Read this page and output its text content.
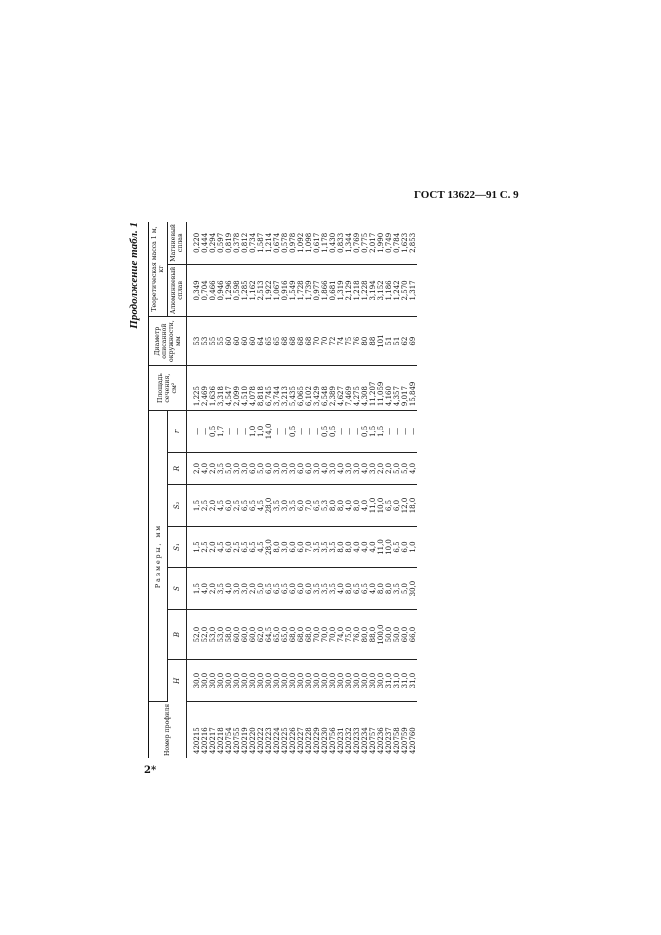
ГОСТ 13622—91 С. 9
2*
Продолжение табл. 1
Номер профиля	Размеры, мм							Площадь сечения, см²	Диаметр описанной окружности, мм	Теоретическая масса 1 м, кг	
	H	B	S	S₁	S₂	R	r			Алюминиевый сплав	Магниевый сплав
420215	30,0	52,0	1,5	1,5	1,5	2,0	—	1,225	53	0,349	0,220
420216	30,0	52,0	4,0	2,5	2,5	4,0	—	2,469	53	0,704	0,444
420217	30,0	53,0	2,0	2,0	2,0	2,0	0,5	1,636	55	0,466	0,294
420218	30,0	53,0	3,5	4,5	4,5	3,5	1,7	3,318	55	0,946	0,597
420754	30,0	58,0	4,0	6,0	6,0	5,0	—	4,547	60	1,296	0,819
420755	30,0	60,0	3,0	2,5	2,5	3,0	—	2,099	60	0,598	0,378
420219	30,0	60,0	3,0	6,5	6,5	3,0	—	4,510	60	1,285	0,812
420220	30,0	60,0	2,0	6,5	6,5	6,0	1,0	4,078	60	1,162	0,734
420222	30,0	62,0	5,0	4,5	4,5	5,0	1,0	8,818	64	2,513	1,587
420223	30,0	64,5	6,5	28,0	28,0	6,0	14,0	6,745	65	1,922	1,214
420224	30,0	65,0	6,5	8,0	3,5	3,0	—	3,744	65	1,067	0,674
420225	30,0	65,0	6,5	3,0	3,0	3,0	—	3,213	68	0,916	0,578
420226	30,0	68,0	6,0	6,0	3,5	3,0	0,5	5,435	68	1,549	0,978
420227	30,0	68,0	6,0	6,0	6,0	6,0	—	6,065	68	1,728	1,092
420228	30,0	68,0	6,0	7,0	7,0	6,0	—	6,102	68	1,739	1,098
420229	30,0	70,0	3,5	3,5	6,5	3,0	—	3,429	70	0,977	0,617
420230	30,0	70,0	3,5	3,5	5,3	4,0	0,5	6,548	70	1,866	1,178
420756	30,0	70,0	3,5	3,5	8,0	3,0	0,5	2,389	72	0,681	0,430
420231	30,0	74,0	4,0	8,0	8,0	4,0	—	4,627	74	1,319	0,833
420232	30,0	75,0	8,0	8,0	4,0	3,0	—	7,469	75	2,129	1,344
420233	30,0	76,0	6,5	4,0	8,0	3,0	—	4,275	76	1,218	0,769
420234	30,0	80,0	6,5	4,0	4,0	4,0	0,5	4,308	80	1,228	0,775
420757	30,0	88,0	4,0	4,0	11,0	3,0	1,5	11,207	88	3,194	2,017
420236	30,0	100,0	8,0	11,0	10,0	2,0	1,5	11,059	101	3,152	1,990
420237	31,0	50,0	8,0	10,0	6,5	2,0	—	4,160	51	1,186	0,749
420758	31,0	50,0	3,5	6,5	6,0	5,0	—	4,357	51	1,242	0,784
420759	31,0	60,0	5,0	6,0	12,0	5,0	—	9,017	62	2,570	1,623
420760	31,0	66,0	30,0	1,0	18,0	4,0	—	15,849	69	1,317	2,853
